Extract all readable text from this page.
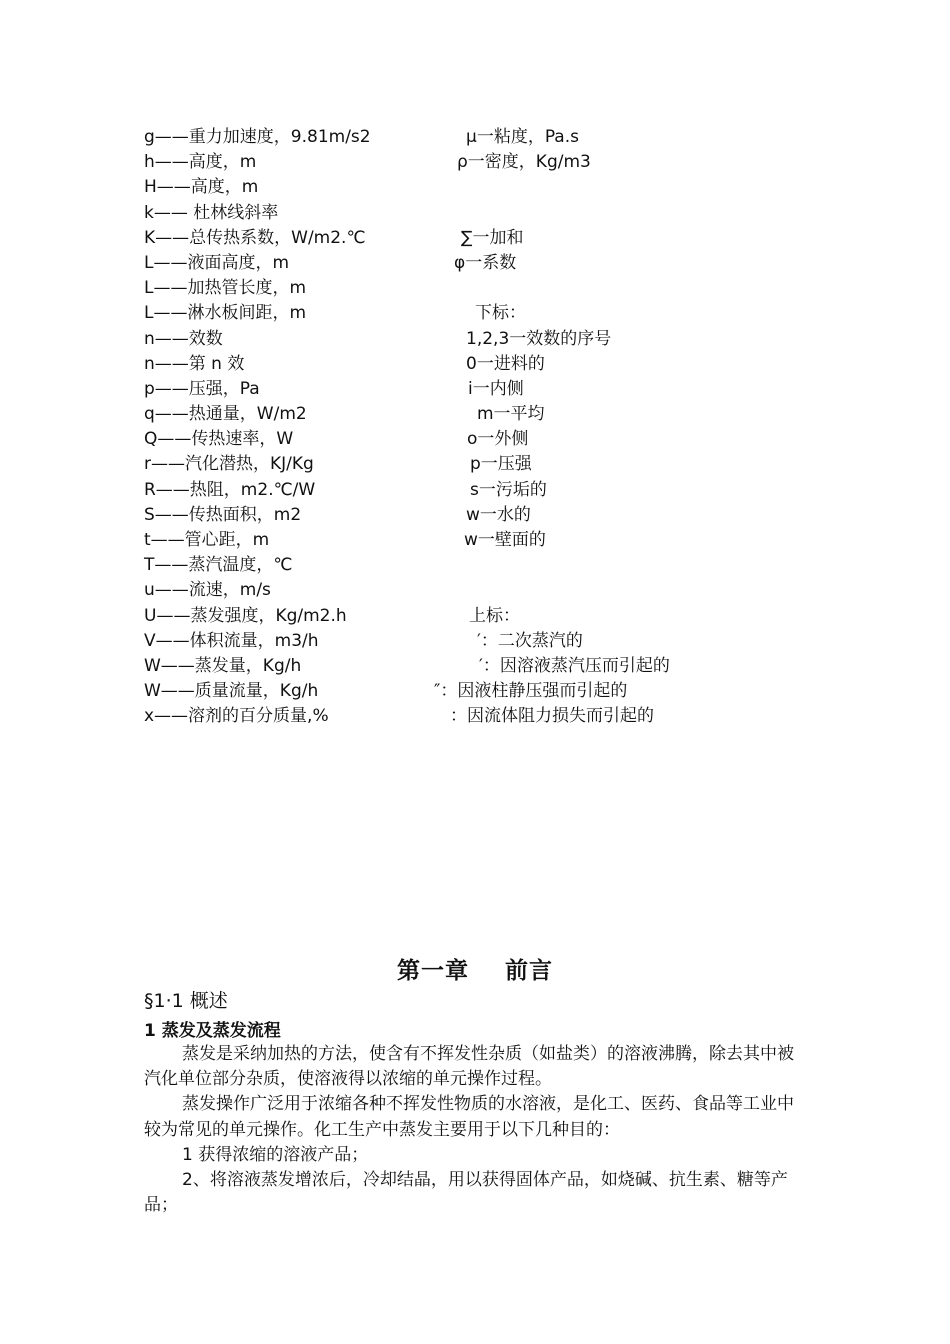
g——重力加速度，9.81m/s2	μ一粘度，Pa.s
h——高度，m	ρ一密度，Kg/m3
H——高度，m
k—— 杜林线斜率
K——总传热系数，W/m2.℃	∑一加和
L——液面高度，m	φ一系数
L——加热管长度，m
L——淋水板间距，m	下标：
n——效数	1,2,3一效数的序号
n——第 n 效	0一进料的
p——压强，Pa	i一内侧
q——热通量，W/m2	m一平均
Q——传热速率，W	o一外侧
r——汽化潜热，KJ/Kg	p一压强
R——热阻，m2.℃/W	s一污垢的
S——传热面积，m2	w一水的
t——管心距，m	w一壁面的
T——蒸汽温度，℃
u——流速，m/s
U——蒸发强度，Kg/m2.h	上标：
V——体积流量，m3/h	′：二次蒸汽的
W——蒸发量，Kg/h	′：因溶液蒸汽压而引起的
W——质量流量，Kg/h	″：因液柱静压强而引起的
x——溶剂的百分质量,%	：因流体阻力损失而引起的
第一章    前言
§1·1 概述
1 蒸发及蒸发流程

蒸发是采纳加热的方法，使含有不挥发性杂质（如盐类）的溶液沸腾，除去其中被汽化单位部分杂质，使溶液得以浓缩的单元操作过程。

蒸发操作广泛用于浓缩各种不挥发性物质的水溶液，是化工、医药、食品等工业中较为常见的单元操作。化工生产中蒸发主要用于以下几种目的：

1 获得浓缩的溶液产品；

2、将溶液蒸发增浓后，冷却结晶，用以获得固体产品，如烧碱、抗生素、糖等产品；
